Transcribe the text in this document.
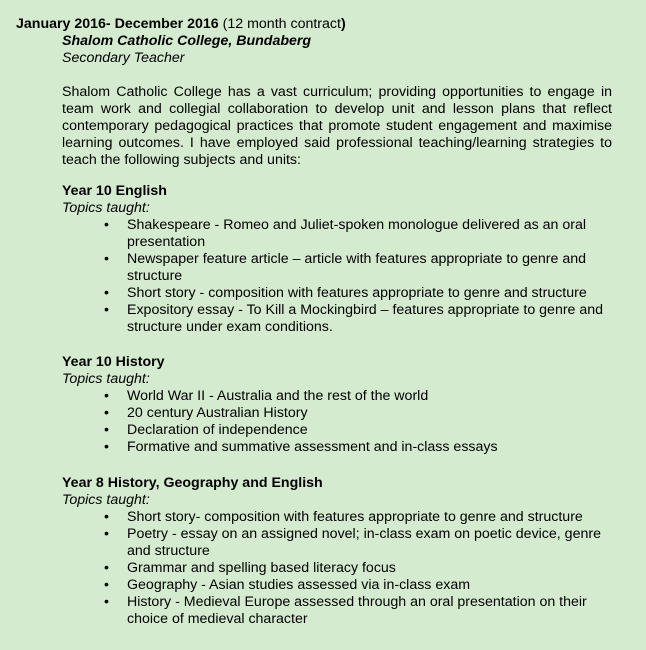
January 2016- December 2016 (12 month contract)
Shalom Catholic College, Bundaberg
Secondary Teacher
Shalom Catholic College has a vast curriculum; providing opportunities to engage in team work and collegial collaboration to develop unit and lesson plans that reflect contemporary pedagogical practices that promote student engagement and maximise learning outcomes. I have employed said professional teaching/learning strategies to teach the following subjects and units:
Year 10 English
Topics taught:
• Shakespeare - Romeo and Juliet-spoken monologue delivered as an oral presentation
• Newspaper feature article – article with features appropriate to genre and structure
• Short story - composition with features appropriate to genre and structure
• Expository essay - To Kill a Mockingbird – features appropriate to genre and structure under exam conditions.
Year 10 History
Topics taught:
• World War II - Australia and the rest of the world
• 20 century Australian History
• Declaration of independence
• Formative and summative assessment and in-class essays
Year 8 History, Geography and English
Topics taught:
• Short story- composition with features appropriate to genre and structure
• Poetry - essay on an assigned novel; in-class exam on poetic device, genre and structure
• Grammar and spelling based literacy focus
• Geography - Asian studies assessed via in-class exam
• History - Medieval Europe assessed through an oral presentation on their choice of medieval character
